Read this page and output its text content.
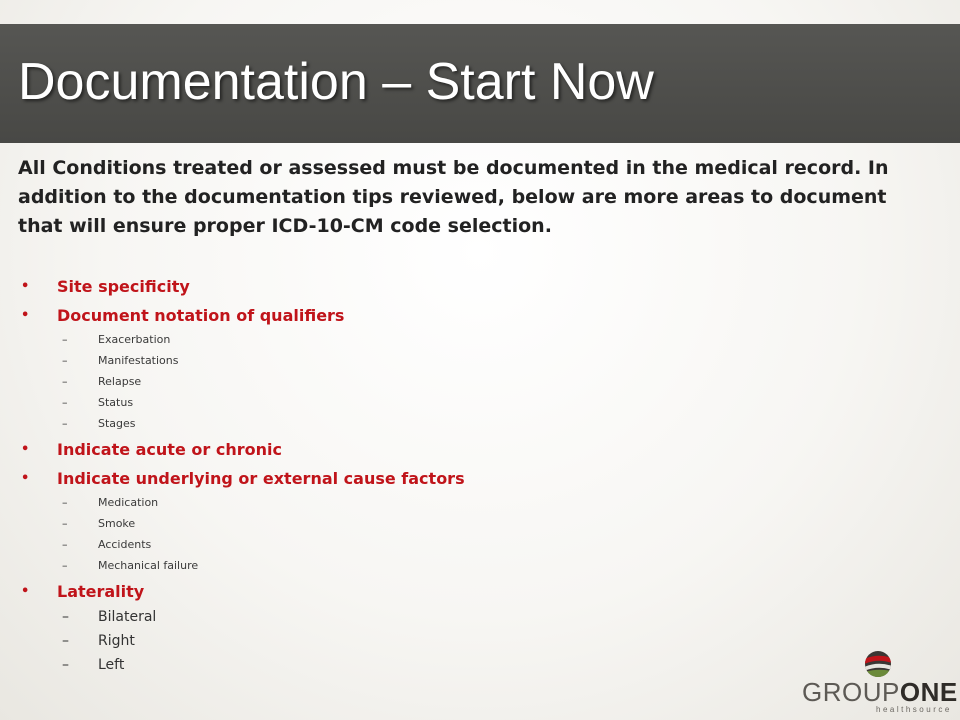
Documentation – Start Now

All Conditions treated or assessed must be documented in the medical record. In addition to the documentation tips reviewed, below are more areas to document that will ensure proper ICD-10-CM code selection.

• Site specificity

• Document notation of qualifiers

–	Exacerbation

–	Manifestations

–	Relapse

–	Status

–	Stages

• Indicate acute or chronic

• Indicate underlying or external cause factors

–	Medication

–	Smoke

–	Accidents

–	Mechanical failure

• Laterality

– Bilateral

– Right

– Left

GROUPONE
healthsource
